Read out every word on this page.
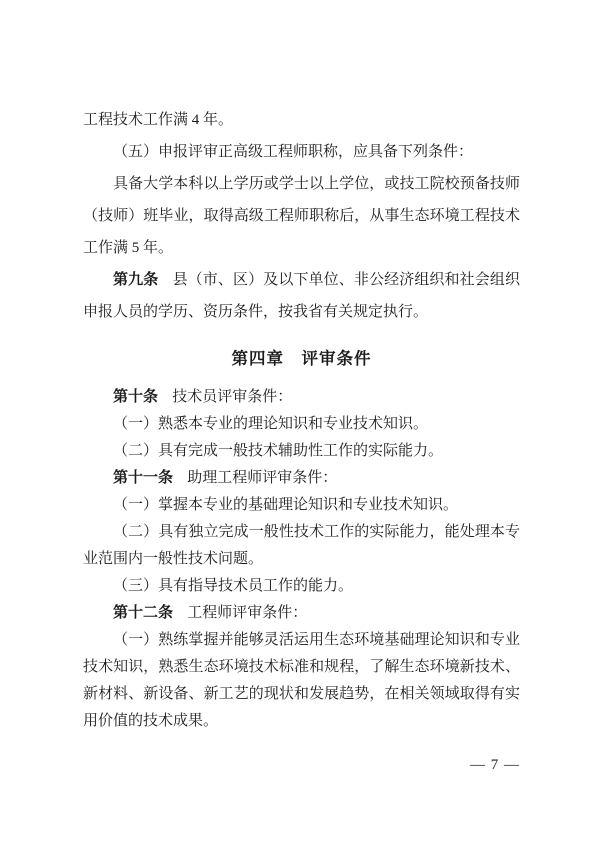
工程技术工作满 4 年。

（五）申报评审正高级工程师职称，应具备下列条件：

具备大学本科以上学历或学士以上学位，或技工院校预备技师（技师）班毕业，取得高级工程师职称后，从事生态环境工程技术工作满 5 年。

第九条 县（市、区）及以下单位、非公经济组织和社会组织申报人员的学历、资历条件，按我省有关规定执行。

第四章　评审条件

第十条 技术员评审条件：

（一）熟悉本专业的理论知识和专业技术知识。

（二）具有完成一般技术辅助性工作的实际能力。

第十一条 助理工程师评审条件：

（一）掌握本专业的基础理论知识和专业技术知识。

（二）具有独立完成一般性技术工作的实际能力，能处理本专业范围内一般性技术问题。

（三）具有指导技术员工作的能力。

第十二条 工程师评审条件：

（一）熟练掌握并能够灵活运用生态环境基础理论知识和专业技术知识，熟悉生态环境技术标准和规程，了解生态环境新技术、新材料、新设备、新工艺的现状和发展趋势，在相关领域取得有实用价值的技术成果。

— 7 —
